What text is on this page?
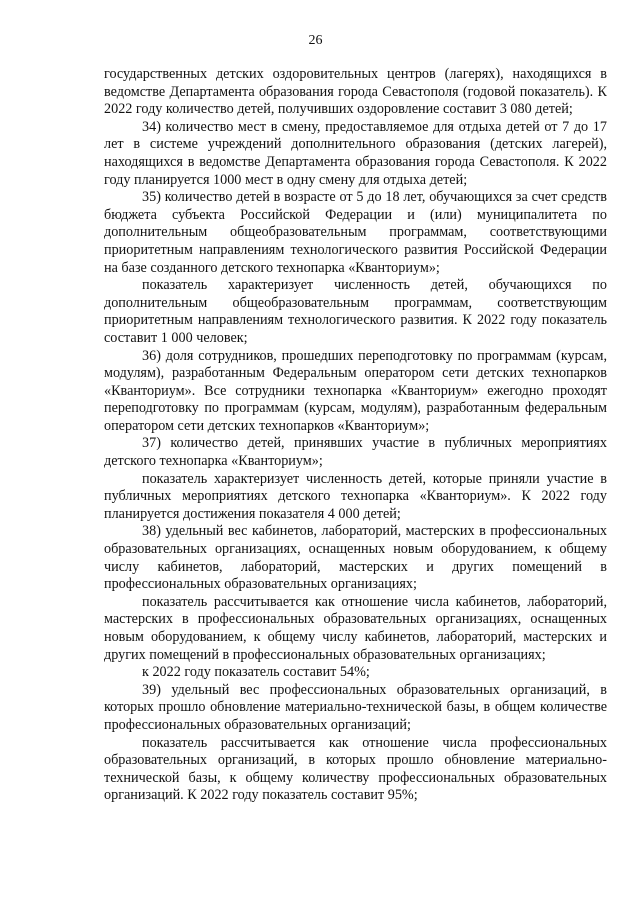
26

государственных детских оздоровительных центров (лагерях), находящихся в ведомстве Департамента образования города Севастополя (годовой показатель). К 2022 году количество детей, получивших оздоровление составит 3 080 детей;

34) количество мест в смену, предоставляемое для отдыха детей от 7 до 17 лет в системе учреждений дополнительного образования (детских лагерей), находящихся в ведомстве Департамента образования города Севастополя. К 2022 году планируется 1000 мест в одну смену для отдыха детей;

35) количество детей в возрасте от 5 до 18 лет, обучающихся за счет средств бюджета субъекта Российской Федерации и (или) муниципалитета по дополнительным общеобразовательным программам, соответствующими приоритетным направлениям технологического развития Российской Федерации на базе созданного детского технопарка «Кванториум»;

показатель характеризует численность детей, обучающихся по дополнительным общеобразовательным программам, соответствующим приоритетным направлениям технологического развития. К 2022 году показатель составит 1 000 человек;

36) доля сотрудников, прошедших переподготовку по программам (курсам, модулям), разработанным Федеральным оператором сети детских технопарков «Кванториум». Все сотрудники технопарка «Кванториум» ежегодно проходят переподготовку по программам (курсам, модулям), разработанным федеральным оператором сети детских технопарков «Кванториум»;

37) количество детей, принявших участие в публичных мероприятиях детского технопарка «Кванториум»;

показатель характеризует численность детей, которые приняли участие в публичных мероприятиях детского технопарка «Кванториум». К 2022 году планируется достижения показателя 4 000 детей;

38) удельный вес кабинетов, лабораторий, мастерских в профессиональных образовательных организациях, оснащенных новым оборудованием, к общему числу кабинетов, лабораторий, мастерских и других помещений в профессиональных образовательных организациях;

показатель рассчитывается как отношение числа кабинетов, лабораторий, мастерских в профессиональных образовательных организациях, оснащенных новым оборудованием, к общему числу кабинетов, лабораторий, мастерских и других помещений в профессиональных образовательных организациях;

к 2022 году показатель составит 54%;

39) удельный вес профессиональных образовательных организаций, в которых прошло обновление материально-технической базы, в общем количестве профессиональных образовательных организаций;

показатель рассчитывается как отношение числа профессиональных образовательных организаций, в которых прошло обновление материально-технической базы, к общему количеству профессиональных образовательных организаций. К 2022 году показатель составит 95%;
